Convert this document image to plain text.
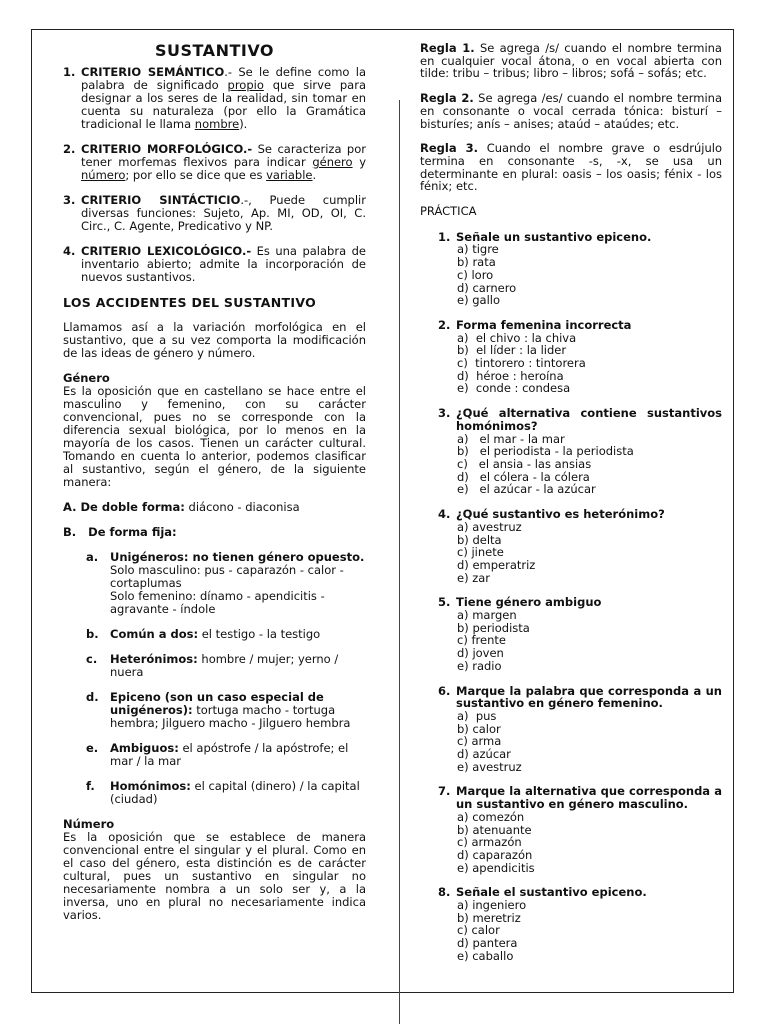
SUSTANTIVO
1. CRITERIO SEMÁNTICO.- Se le define como la palabra de significado propio que sirve para designar a los seres de la realidad, sin tomar en cuenta su naturaleza (por ello la Gramática tradicional le llama nombre).
2. CRITERIO MORFOLÓGICO.- Se caracteriza por tener morfemas flexivos para indicar género y número; por ello se dice que es variable.
3. CRITERIO SINTÁCTICIO.-, Puede cumplir diversas funciones: Sujeto, Ap. MI, OD, OI, C. Circ., C. Agente, Predicativo y NP.
4. CRITERIO LEXICOLÓGICO.- Es una palabra de inventario abierto; admite la incorporación de nuevos sustantivos.
LOS ACCIDENTES DEL SUSTANTIVO

Llamamos así a la variación morfológica en el sustantivo, que a su vez comporta la modificación de las ideas de género y número.

Género

Es la oposición que en castellano se hace entre el masculino y femenino, con su carácter convencional, pues no se corresponde con la diferencia sexual biológica, por lo menos en la mayoría de los casos. Tienen un carácter cultural. Tomando en cuenta lo anterior, podemos clasificar al sustantivo, según el género, de la siguiente manera:

A. De doble forma: diácono - diaconisa

B.   De forma fija:

a.	Unigéneros: no tienen género opuesto.
Solo masculino: pus - caparazón - calor - cortaplumas
Solo femenino: dínamo - apendicitis - agravante - índole
b. Común a dos: el testigo - la testigo
c.	Heterónimos: hombre / mujer; yerno / nuera
d. Epiceno (son un caso especial de unigéneros): tortuga macho - tortuga hembra; Jilguero macho - Jilguero hembra
e.	Ambiguos: el apóstrofe / la apóstrofe; el mar / la mar
f.	Homónimos: el capital (dinero) / la capital (ciudad)
Número

Es la oposición que se establece de manera convencional entre el singular y el plural. Como en el caso del género, esta distinción es de carácter cultural, pues un sustantivo en singular no necesariamente nombra a un solo ser y, a la inversa, uno en plural no necesariamente indica varios.

Regla 1. Se agrega /s/ cuando el nombre termina en cualquier vocal átona, o en vocal abierta con tilde: tribu – tribus; libro – libros; sofá – sofás; etc.

Regla 2. Se agrega /es/ cuando el nombre termina en consonante o vocal cerrada tónica: bisturí – bisturíes; anís – anises; ataúd – ataúdes; etc.

Regla 3. Cuando el nombre grave o esdrújulo termina en consonante -s, -x, se usa un determinante en plural: oasis – los oasis; fénix - los fénix; etc.

PRÁCTICA

1. Señale un sustantivo epiceno.
a) tigre
b) rata
c) loro
d) carnero
e) gallo
2. Forma femenina incorrecta
a)  el chivo : la chiva
b)  el líder : la lider
c)  tintorero : tintorera
d)  héroe : heroína
e)  conde : condesa
3. ¿Qué alternativa contiene sustantivos homónimos?
a)   el mar - la mar
b)   el periodista - la periodista
c)   el ansia - las ansias
d)   el cólera - la cólera
e)   el azúcar - la azúcar
4. ¿Qué sustantivo es heterónimo?
a) avestruz
b) delta
c) jinete
d) emperatriz
e) zar
5. Tiene género ambiguo
a) margen
b) periodista
c) frente
d) joven
e) radio
6. Marque la palabra que corresponda a un sustantivo en género femenino.
a)  pus
b) calor
c) arma
d) azúcar
e) avestruz
7. Marque la alternativa que corresponda a un sustantivo en género masculino.
a) comezón
b) atenuante
c) armazón
d) caparazón
e) apendicitis
8. Señale el sustantivo epiceno.
a) ingeniero
b) meretriz
c) calor
d) pantera
e) caballo
